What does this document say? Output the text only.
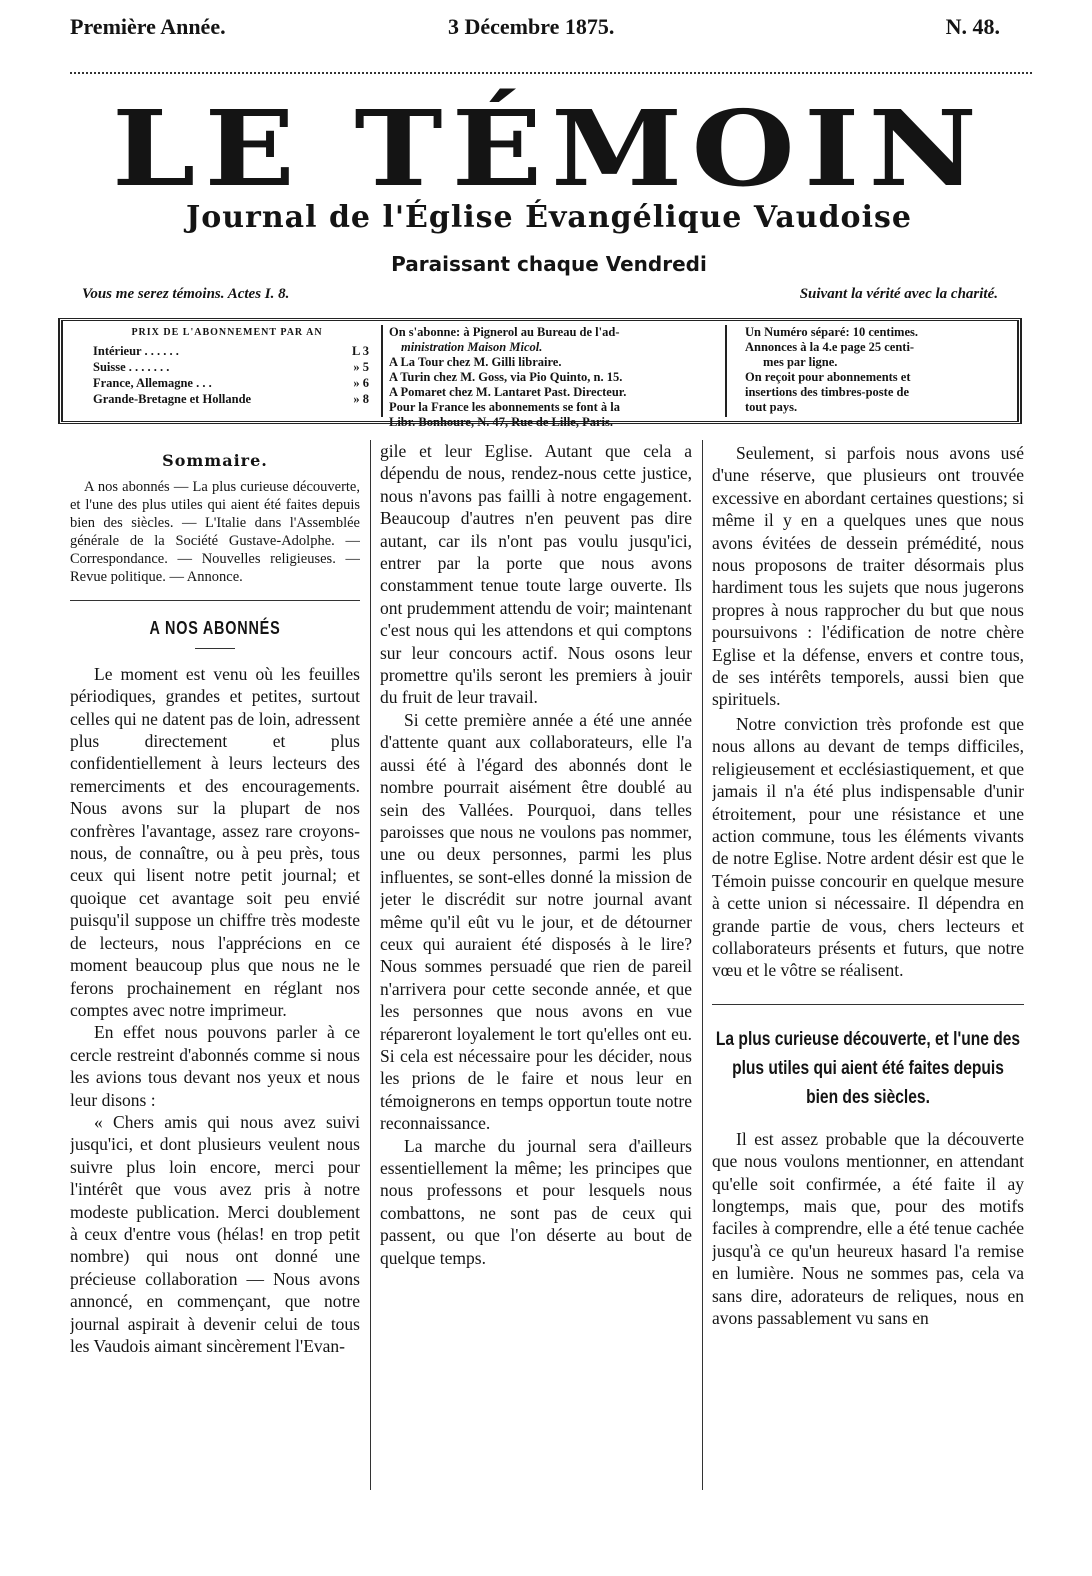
Première Année.	3 Décembre 1875.	N. 48.
LE TÉMOIN
Journal de l'Église Évangélique Vaudoise
Paraissant chaque Vendredi
Vous me serez témoins. Actes I. 8.	Suivant la vérité avec la charité.
PRIX DE L'ABONNEMENT PAR AN
Intérieur . . . . . .	L 3
Suisse . . . . . . .	» 5
France, Allemagne . . .	» 6
Grande-Bretagne et Hollande	» 8
On s'abonne: à Pignerol au Bureau de l'ad-
ministration Maison Micol.
A La Tour chez M. Gilli libraire.
A Turin chez M. Goss, via Pio Quinto, n. 15.
A Pomaret chez M. Lantaret Past. Directeur.
Pour la France les abonnements se font à la
Libr. Bonhoure, N. 47, Rue de Lille, Paris.
Un Numéro séparé: 10 centimes.
Annonces à la 4.e page 25 centi-
mes par ligne.
On reçoit pour abonnements et
insertions des timbres-poste de
tout pays.
Sommaire.
A nos abonnés — La plus curieuse découverte, et l'une des plus utiles qui aient été faites depuis bien des siècles. — L'Italie dans l'Assemblée générale de la Société Gustave-Adolphe. — Correspondance. — Nouvelles religieuses. — Revue politique. — Annonce.
A NOS ABONNÉS

Le moment est venu où les feuilles périodiques, grandes et petites, surtout celles qui ne datent pas de loin, adressent plus directement et plus confidentiellement à leurs lecteurs des remerciments et des encouragements. Nous avons sur la plupart de nos confrères l'avantage, assez rare croyons-nous, de connaître, ou à peu près, tous ceux qui lisent notre petit journal; et quoique cet avantage soit peu envié puisqu'il suppose un chiffre très modeste de lecteurs, nous l'apprécions en ce moment beaucoup plus que nous ne le ferons prochainement en réglant nos comptes avec notre imprimeur.

En effet nous pouvons parler à ce cercle restreint d'abonnés comme si nous les avions tous devant nos yeux et nous leur disons :

« Chers amis qui nous avez suivi jusqu'ici, et dont plusieurs veulent nous suivre plus loin encore, merci pour l'intérêt que vous avez pris à notre modeste publication. Merci doublement à ceux d'entre vous (hélas! en trop petit nombre) qui nous ont donné une précieuse collaboration — Nous avons annoncé, en commençant, que notre journal aspirait à devenir celui de tous les Vaudois aimant sincèrement l'Evan-

gile et leur Eglise. Autant que cela a dépendu de nous, rendez-nous cette justice, nous n'avons pas failli à notre engagement. Beaucoup d'autres n'en peuvent pas dire autant, car ils n'ont pas voulu jusqu'ici, entrer par la porte que nous avons constamment tenue toute large ouverte. Ils ont prudemment attendu de voir; maintenant c'est nous qui les attendons et qui comptons sur leur concours actif. Nous osons leur promettre qu'ils seront les premiers à jouir du fruit de leur travail.

Si cette première année a été une année d'attente quant aux collaborateurs, elle l'a aussi été à l'égard des abonnés dont le nombre pourrait aisément être doublé au sein des Vallées. Pourquoi, dans telles paroisses que nous ne voulons pas nommer, une ou deux personnes, parmi les plus influentes, se sont-elles donné la mission de jeter le discrédit sur notre journal avant même qu'il eût vu le jour, et de détourner ceux qui auraient été disposés à le lire? Nous sommes persuadé que rien de pareil n'arrivera pour cette seconde année, et que les personnes que nous avons en vue répareront loyalement le tort qu'elles ont eu. Si cela est nécessaire pour les décider, nous les prions de le faire et nous leur en témoignerons en temps opportun toute notre reconnaissance.

La marche du journal sera d'ailleurs essentiellement la même; les principes que nous professons et pour lesquels nous combattons, ne sont pas de ceux qui passent, ou que l'on déserte au bout de quelque temps.

Seulement, si parfois nous avons usé d'une réserve, que plusieurs ont trouvée excessive en abordant certaines questions; si même il y en a quelques unes que nous avons évitées de dessein prémédité, nous nous proposons de traiter désormais plus hardiment tous les sujets que nous jugerons propres à nous rapprocher du but que nous poursuivons : l'édification de notre chère Eglise et la défense, envers et contre tous, de ses intérêts temporels, aussi bien que spirituels.

Notre conviction très profonde est que nous allons au devant de temps difficiles, religieusement et ecclésiastiquement, et que jamais il n'a été plus indispensable d'unir étroitement, pour une résistance et une action commune, tous les éléments vivants de notre Eglise. Notre ardent désir est que le Témoin puisse concourir en quelque mesure à cette union si nécessaire. Il dépendra en grande partie de vous, chers lecteurs et collaborateurs présents et futurs, que notre vœu et le vôtre se réalisent.

La plus curieuse découverte, et l'une des plus utiles qui aient été faites depuis bien des siècles.

Il est assez probable que la découverte que nous voulons mentionner, en attendant qu'elle soit confirmée, a été faite il ay longtemps, mais que, pour des motifs faciles à comprendre, elle a été tenue cachée jusqu'à ce qu'un heureux hasard l'a remise en lumière. Nous ne sommes pas, cela va sans dire, adorateurs de reliques, nous en avons passablement vu sans en
